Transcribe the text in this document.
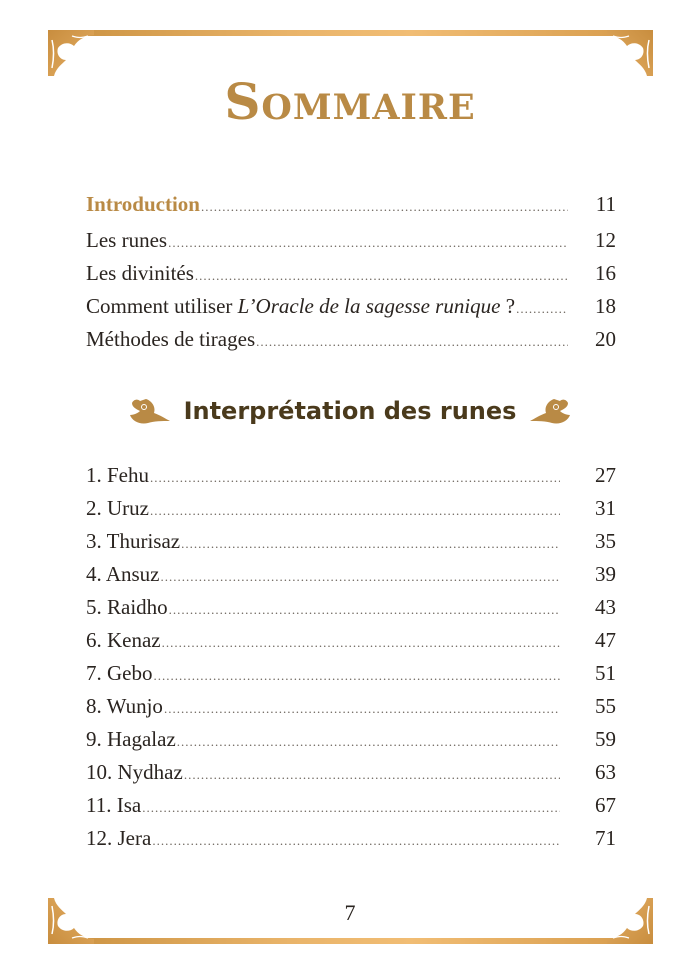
Sommaire
Introduction .....	11
Les runes .....	12
Les divinités .....	16
Comment utiliser L’Oracle de la sagesse runique ? .....	18
Méthodes de tirages .....	20
Interprétation des runes
1. Fehu .....	27
2. Uruz .....	31
3. Thurisaz .....	35
4. Ansuz .....	39
5. Raidho .....	43
6. Kenaz .....	47
7. Gebo .....	51
8. Wunjo .....	55
9. Hagalaz .....	59
10. Nydhaz .....	63
11. Isa .....	67
12. Jera .....	71
7
